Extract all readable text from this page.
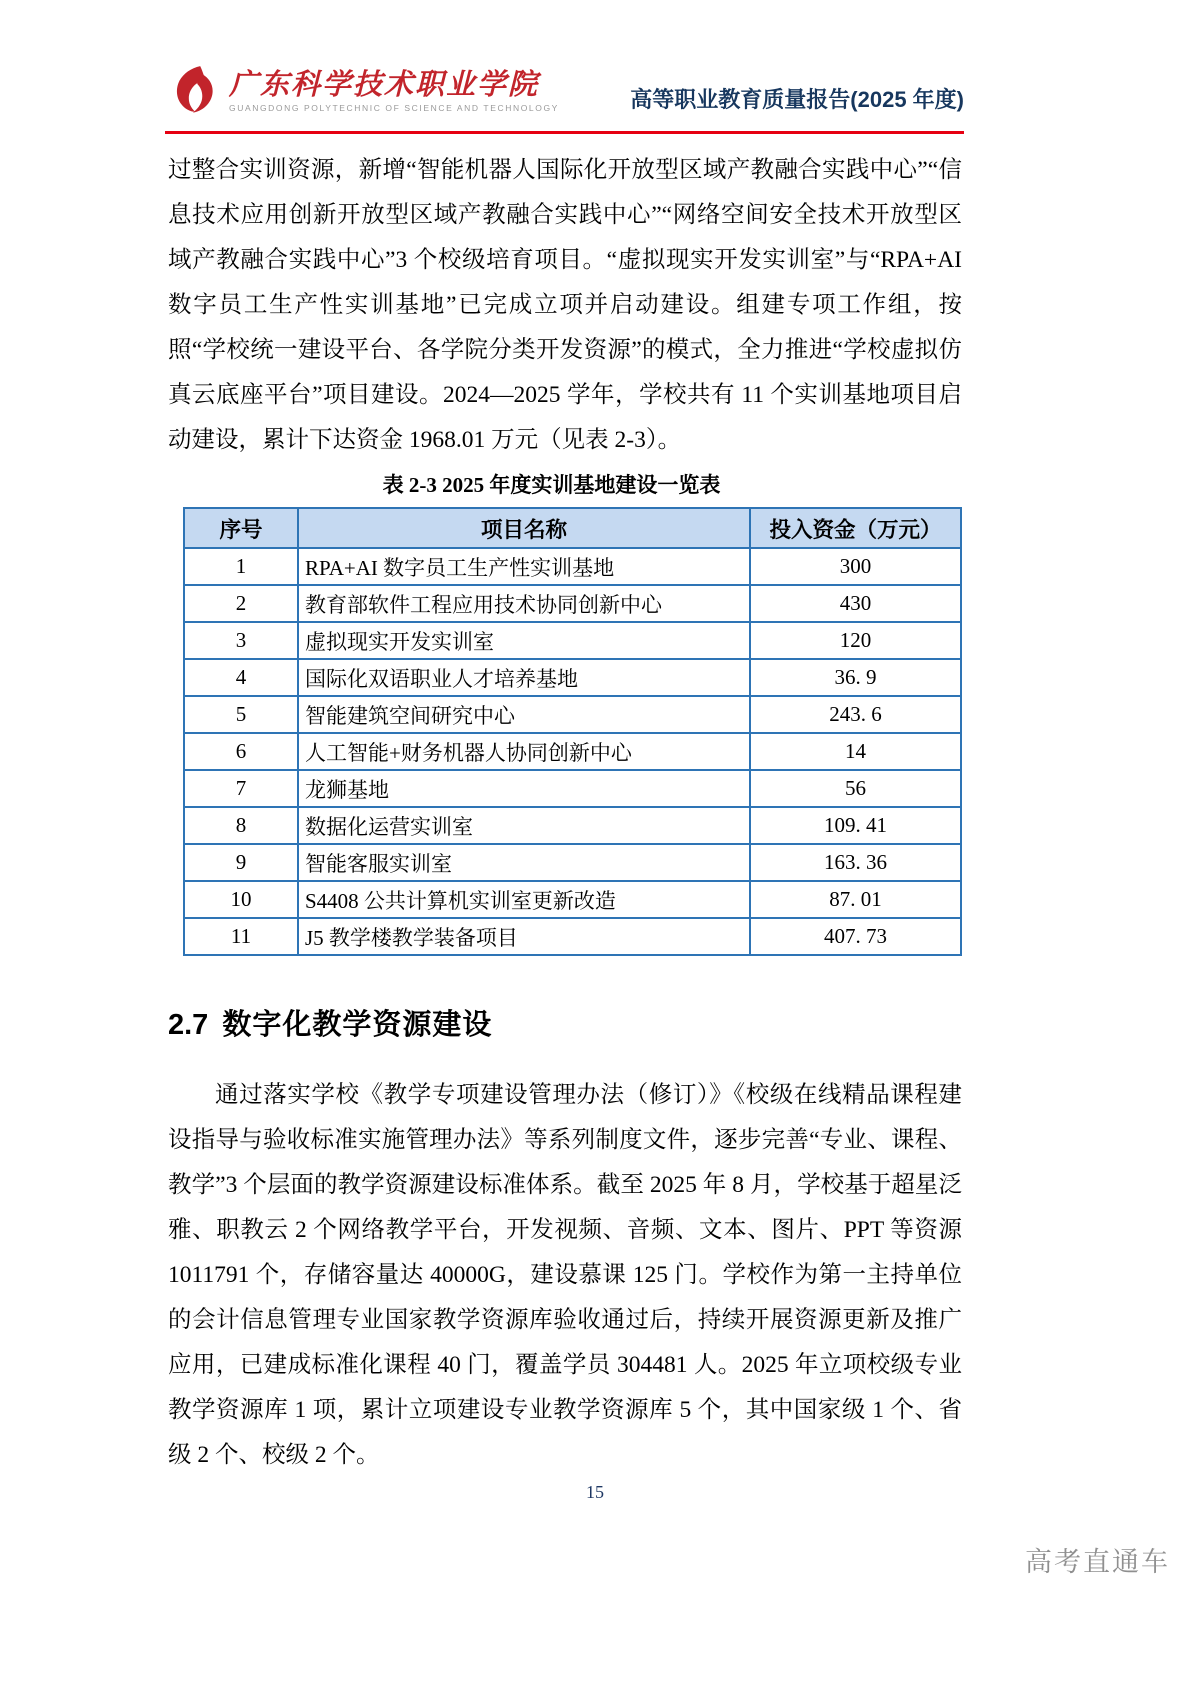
广东科学技术职业学院
GUANGDONG POLYTECHNIC OF SCIENCE AND TECHNOLOGY	高等职业教育质量报告(2025 年度)

过整合实训资源，新增“智能机器人国际化开放型区域产教融合实践中心”“信息技术应用创新开放型区域产教融合实践中心”“网络空间安全技术开放型区域产教融合实践中心”3 个校级培育项目。“虚拟现实开发实训室”与“RPA+AI 数字员工生产性实训基地”已完成立项并启动建设。组建专项工作组，按照“学校统一建设平台、各学院分类开发资源”的模式，全力推进“学校虚拟仿真云底座平台”项目建设。2024—2025 学年，学校共有 11 个实训基地项目启动建设，累计下达资金 1968.01 万元（见表 2-3）。

表 2-3 2025 年度实训基地建设一览表
序号	项目名称	投入资金（万元）
1	RPA+AI 数字员工生产性实训基地	300
2	教育部软件工程应用技术协同创新中心	430
3	虚拟现实开发实训室	120
4	国际化双语职业人才培养基地	36. 9
5	智能建筑空间研究中心	243. 6
6	人工智能+财务机器人协同创新中心	14
7	龙狮基地	56
8	数据化运营实训室	109. 41
9	智能客服实训室	163. 36
10	S4408 公共计算机实训室更新改造	87. 01
11	J5 教学楼教学装备项目	407. 73
2.7 数字化教学资源建设

通过落实学校《教学专项建设管理办法（修订）》《校级在线精品课程建设指导与验收标准实施管理办法》等系列制度文件，逐步完善“专业、课程、教学”3 个层面的教学资源建设标准体系。截至 2025 年 8 月，学校基于超星泛雅、职教云 2 个网络教学平台，开发视频、音频、文本、图片、PPT 等资源 1011791 个，存储容量达 40000G，建设慕课 125 门。学校作为第一主持单位的会计信息管理专业国家教学资源库验收通过后，持续开展资源更新及推广应用，已建成标准化课程 40 门，覆盖学员 304481 人。2025 年立项校级专业教学资源库 1 项，累计立项建设专业教学资源库 5 个，其中国家级 1 个、省级 2 个、校级 2 个。

15
高考直通车
